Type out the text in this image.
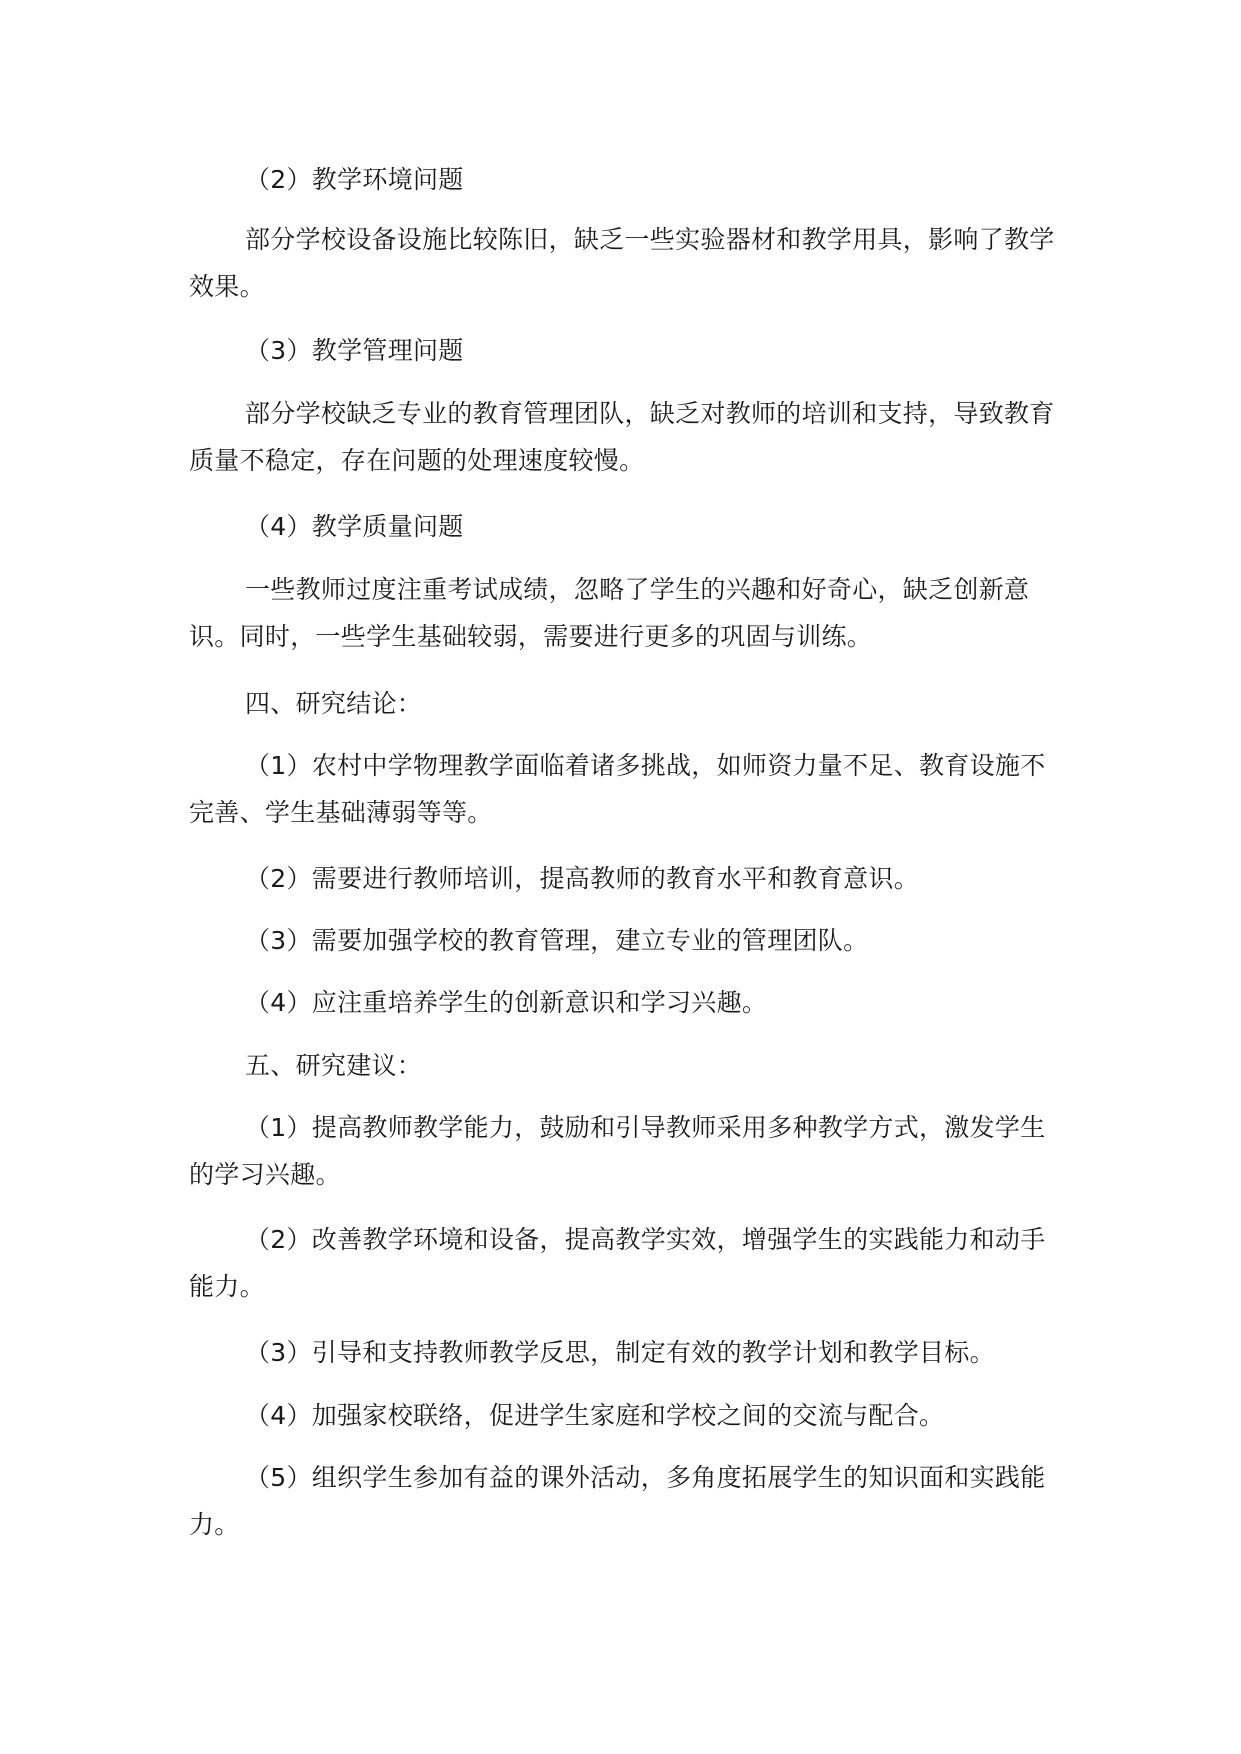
（2）教学环境问题

部分学校设备设施比较陈旧，缺乏一些实验器材和教学用具，影响了教学效果。

（3）教学管理问题

部分学校缺乏专业的教育管理团队，缺乏对教师的培训和支持，导致教育质量不稳定，存在问题的处理速度较慢。

（4）教学质量问题

一些教师过度注重考试成绩，忽略了学生的兴趣和好奇心，缺乏创新意识。同时，一些学生基础较弱，需要进行更多的巩固与训练。

四、研究结论：

（1）农村中学物理教学面临着诸多挑战，如师资力量不足、教育设施不完善、学生基础薄弱等等。

（2）需要进行教师培训，提高教师的教育水平和教育意识。

（3）需要加强学校的教育管理，建立专业的管理团队。

（4）应注重培养学生的创新意识和学习兴趣。

五、研究建议：

（1）提高教师教学能力，鼓励和引导教师采用多种教学方式，激发学生的学习兴趣。

（2）改善教学环境和设备，提高教学实效，增强学生的实践能力和动手能力。

（3）引导和支持教师教学反思，制定有效的教学计划和教学目标。

（4）加强家校联络，促进学生家庭和学校之间的交流与配合。

（5）组织学生参加有益的课外活动，多角度拓展学生的知识面和实践能力。
